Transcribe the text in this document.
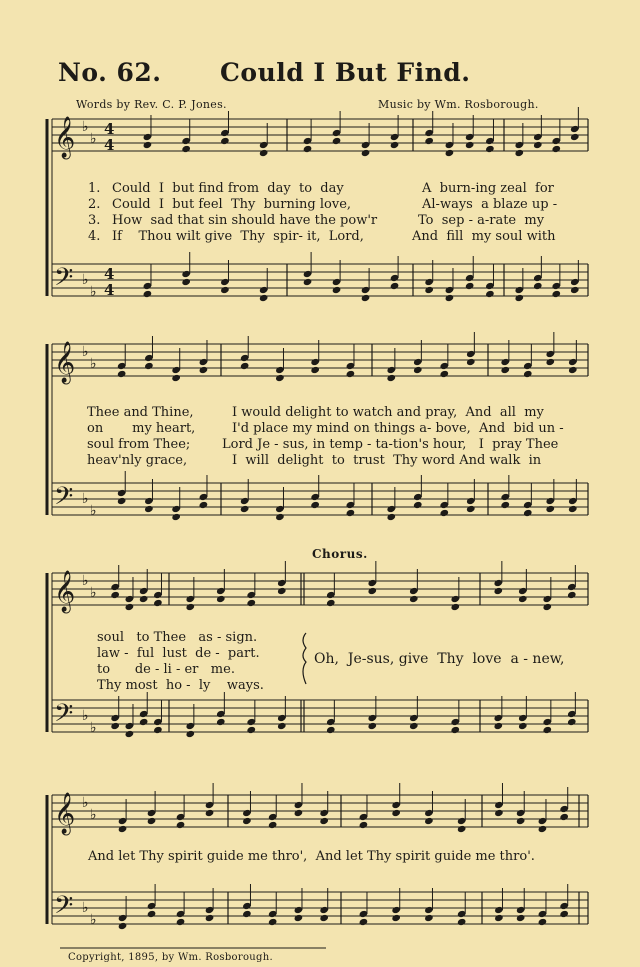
No. 62. Could I But Find.
Words by Rev. C. P. Jones.	Music by Wm. Rosborough.
𝄞
𝄢
♭
♭
♭
♭
4
4
4
4
𝄞
𝄢
♭
♭
♭
♭
𝄞
𝄢
♭
♭
♭
♭
𝄞
𝄢
♭
♭
♭
♭
1. Could  I  but find from  day  to  day	A  burn-ing zeal  for
2. Could  I  but feel  Thy  burning love,	Al-ways  a blaze up -
3. How  sad that sin should have the pow'r	To  sep - a-rate  my
4. If    Thou wilt give  Thy  spir- it,  Lord,	And  fill  my soul with
Thee and Thine,	I would delight to watch and pray,  And  all  my
on       my heart,	I'd place my mind on things a- bove,  And  bid un -
soul from Thee; Lord Je - sus, in temp - ta-tion's hour,   I  pray Thee
heav'nly grace,	I  will  delight  to  trust  Thy word And walk  in
Chorus.
soul   to Thee   as - sign.
law -  ful  lust  de -  part.
to      de - li - er   me.
Thy most  ho -  ly    ways.
Oh,  Je-sus, give  Thy  love  a - new,
And let Thy spirit guide me thro',  And let Thy spirit guide me thro'.
Copyright, 1895, by Wm. Rosborough.
